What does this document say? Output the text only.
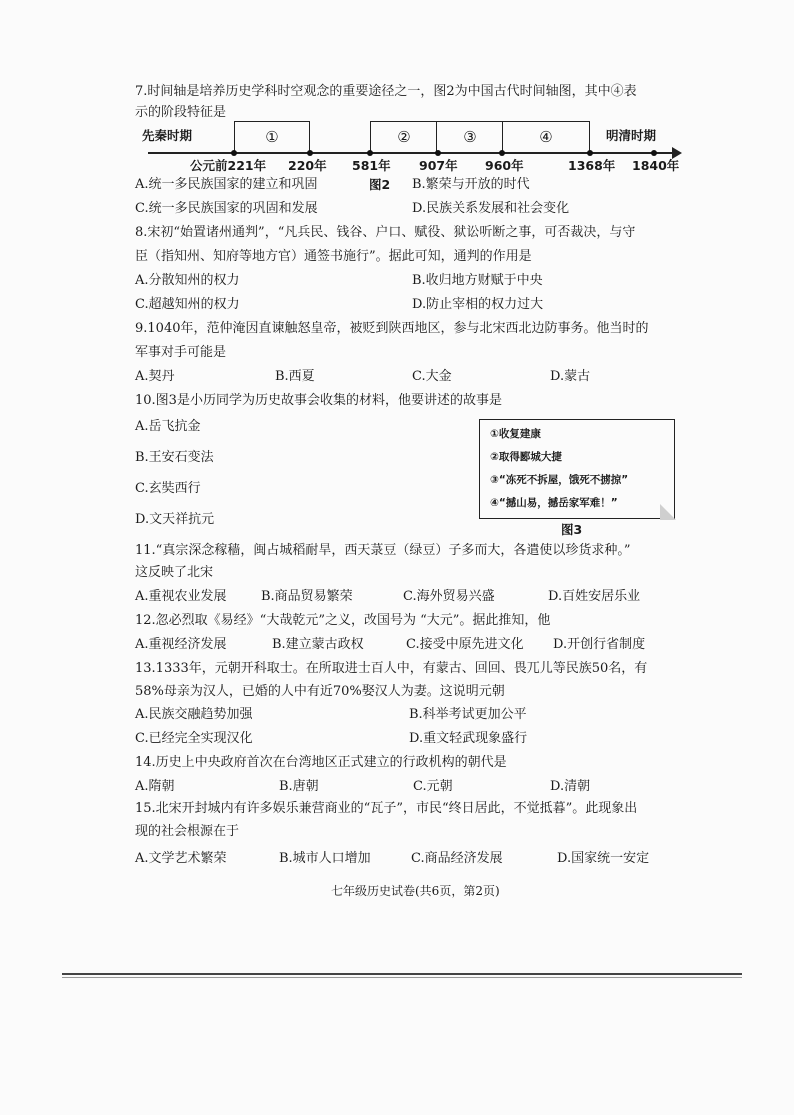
7.时间轴是培养历史学科时空观念的重要途径之一，图2为中国古代时间轴图，其中④表
示的阶段特征是
先秦时期	明清时期
①	②	③	④
公元前221年 220年 581年 907年 960年	1368年 1840年
A.统一多民族国家的建立和巩固	图2 B.繁荣与开放的时代
C.统一多民族国家的巩固和发展	D.民族关系发展和社会变化
8.宋初“始置诸州通判”，“凡兵民、钱谷、户口、赋役、狱讼听断之事，可否裁决，与守
臣（指知州、知府等地方官）通签书施行”。据此可知，通判的作用是
A.分散知州的权力	B.收归地方财赋于中央
C.超越知州的权力	D.防止宰相的权力过大
9.1040年，范仲淹因直谏触怒皇帝，被贬到陕西地区，参与北宋西北边防事务。他当时的
军事对手可能是
A.契丹	B.西夏	C.大金	D.蒙古
10.图3是小历同学为历史故事会收集的材料，他要讲述的故事是
A.岳飞抗金
B.王安石变法
C.玄奘西行
D.文天祥抗元
①收复建康
②取得郾城大捷
③“冻死不拆屋，饿死不掳掠”
④“撼山易，撼岳家军难！”
图3
11.“真宗深念稼穑，闽占城稻耐旱，西天菉豆（绿豆）子多而大，各遣使以珍货求种。”
这反映了北宋
A.重视农业发展	B.商品贸易繁荣	C.海外贸易兴盛	D.百姓安居乐业
12.忽必烈取《易经》“大哉乾元”之义，改国号为 “大元”。据此推知，他
A.重视经济发展	B.建立蒙古政权	C.接受中原先进文化 D.开创行省制度
13.1333年，元朝开科取士。在所取进士百人中，有蒙古、回回、畏兀儿等民族50名，有
58%母亲为汉人，已婚的人中有近70%娶汉人为妻。这说明元朝
A.民族交融趋势加强	B.科举考试更加公平
C.已经完全实现汉化	D.重文轻武现象盛行
14.历史上中央政府首次在台湾地区正式建立的行政机构的朝代是
A.隋朝	B.唐朝	C.元朝	D.清朝
15.北宋开封城内有许多娱乐兼营商业的“瓦子”，市民“终日居此，不觉抵暮”。此现象出
现的社会根源在于
A.文学艺术繁荣	B.城市人口增加	C.商品经济发展	D.国家统一安定
七年级历史试卷(共6页，第2页)
